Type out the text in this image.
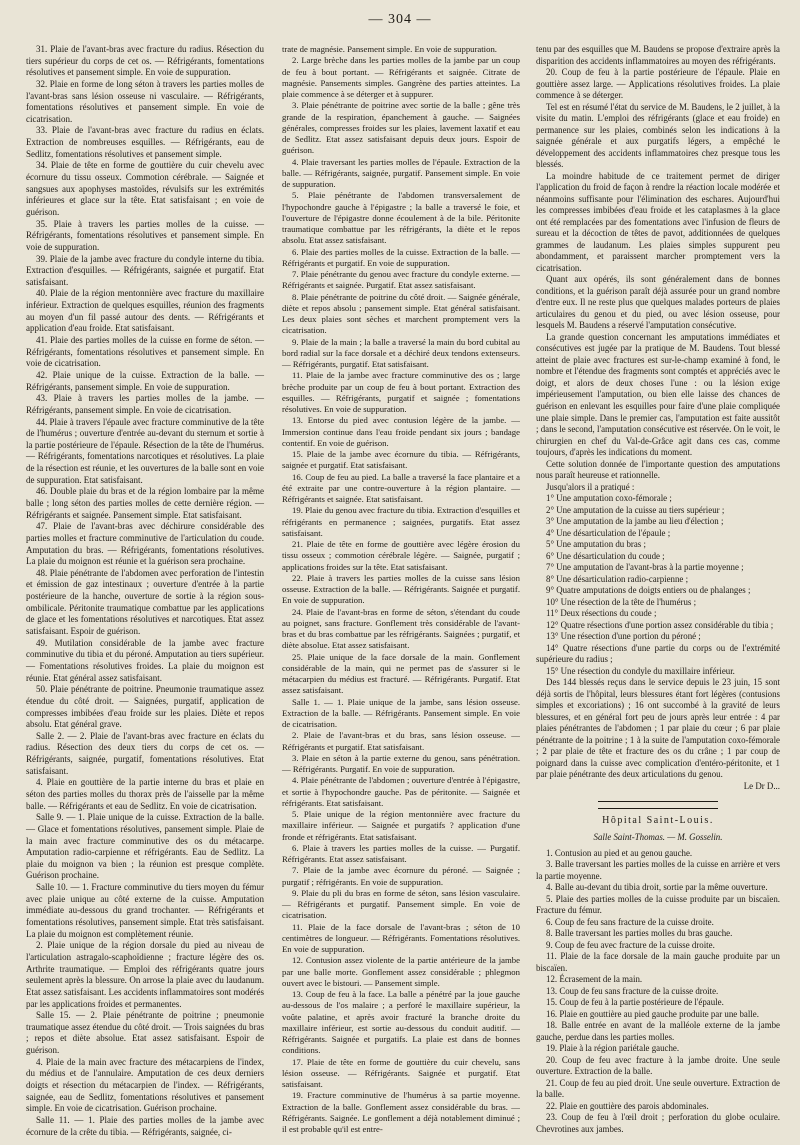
— 304 —

31. Plaie de l'avant-bras avec fracture du radius. Résection du tiers supérieur du corps de cet os. — Réfrigérants, fomentations résolutives et pansement simple. En voie de suppuration.

32. Plaie en forme de long séton à travers les parties molles de l'avant-bras sans lésion osseuse ni vasculaire. — Réfrigérants, fomentations résolutives et pansement simple. En voie de cicatrisation.

33. Plaie de l'avant-bras avec fracture du radius en éclats. Extraction de nombreuses esquilles. — Réfrigérants, eau de Sedlitz, fomentations résolutives et pansement simple.

34. Plaie de tête en forme de gouttière du cuir chevelu avec écornure du tissu osseux. Commotion cérébrale. — Saignée et sangsues aux apophyses mastoïdes, révulsifs sur les extrémités inférieures et glace sur la tête. Etat satisfaisant ; en voie de guérison.

35. Plaie à travers les parties molles de la cuisse. — Réfrigérants, fomentations résolutives et pansement simple. En voie de suppuration.

39. Plaie de la jambe avec fracture du condyle interne du tibia. Extraction d'esquilles. — Réfrigérants, saignée et purgatif. Etat satisfaisant.

40. Plaie de la région mentonnière avec fracture du maxillaire inférieur. Extraction de quelques esquilles, réunion des fragments au moyen d'un fil passé autour des dents. — Réfrigérants et application d'eau froide. Etat satisfaisant.

41. Plaie des parties molles de la cuisse en forme de séton. — Réfrigérants, fomentations résolutives et pansement simple. En voie de cicatrisation.

42. Plaie unique de la cuisse. Extraction de la balle. — Réfrigérants, pansement simple. En voie de suppuration.

43. Plaie à travers les parties molles de la jambe. — Réfrigérants, pansement simple. En voie de cicatrisation.

44. Plaie à travers l'épaule avec fracture comminutive de la tête de l'humérus ; ouverture d'entrée au-devant du sternum et sortie à la partie postérieure de l'épaule. Résection de la tête de l'humérus. — Réfrigérants, fomentations narcotiques et résolutives. La plaie de la résection est réunie, et les ouvertures de la balle sont en voie de suppuration. Etat satisfaisant.

46. Double plaie du bras et de la région lombaire par la même balle ; long séton des parties molles de cette dernière région. — Réfrigérants et saignée. Pansement simple. Etat satisfaisant.

47. Plaie de l'avant-bras avec déchirure considérable des parties molles et fracture comminutive de l'articulation du coude. Amputation du bras. — Réfrigérants, fomentations résolutives. La plaie du moignon est réunie et la guérison sera prochaine.

48. Plaie pénétrante de l'abdomen avec perforation de l'intestin et émission de gaz intestinaux ; ouverture d'entrée à la partie postérieure de la hanche, ouverture de sortie à la région sous-ombilicale. Péritonite traumatique combattue par les applications de glace et les fomentations résolutives et narcotiques. Etat assez satisfaisant. Espoir de guérison.

49. Mutilation considérable de la jambe avec fracture comminutive du tibia et du péroné. Amputation au tiers supérieur. — Fomentations résolutives froides. La plaie du moignon est réunie. Etat général assez satisfaisant.

50. Plaie pénétrante de poitrine. Pneumonie traumatique assez étendue du côté droit. — Saignées, purgatif, application de compresses imbibées d'eau froide sur les plaies. Diète et repos absolu. Etat général grave.

Salle 2. — 2. Plaie de l'avant-bras avec fracture en éclats du radius. Résection des deux tiers du corps de cet os. — Réfrigérants, saignée, purgatif, fomentations résolutives. Etat satisfaisant.

4. Plaie en gouttière de la partie interne du bras et plaie en séton des parties molles du thorax près de l'aisselle par la même balle. — Réfrigérants et eau de Sedlitz. En voie de cicatrisation.

Salle 9. — 1. Plaie unique de la cuisse. Extraction de la balle. — Glace et fomentations résolutives, pansement simple. Plaie de la main avec fracture comminutive des os du métacarpe. Amputation radio-carpienne et réfrigérants. Eau de Sedlitz. La plaie du moignon va bien ; la réunion est presque complète. Guérison prochaine.

Salle 10. — 1. Fracture comminutive du tiers moyen du fémur avec plaie unique au côté externe de la cuisse. Amputation immédiate au-dessous du grand trochanter. — Réfrigérants et fomentations résolutives, pansement simple. Etat très satisfaisant. La plaie du moignon est complètement réunie.

2. Plaie unique de la région dorsale du pied au niveau de l'articulation astragalo-scaphoïdienne ; fracture légère des os. Arthrite traumatique. — Emploi des réfrigérants quatre jours seulement après la blessure. On arrose la plaie avec du laudanum. Etat assez satisfaisant. Les accidents inflammatoires sont modérés par les applications froides et permanentes.

Salle 15. — 2. Plaie pénétrante de poitrine ; pneumonie traumatique assez étendue du côté droit. — Trois saignées du bras ; repos et diète absolue. Etat assez satisfaisant. Espoir de guérison.

4. Plaie de la main avec fracture des métacarpiens de l'index, du médius et de l'annulaire. Amputation de ces deux derniers doigts et résection du métacarpien de l'index. — Réfrigérants, saignée, eau de Sedlitz, fomentations résolutives et pansement simple. En voie de cicatrisation. Guérison prochaine.

Salle 11. — 1. Plaie des parties molles de la jambe avec écornure de la crête du tibia. — Réfrigérants, saignée, ci-

trate de magnésie. Pansement simple. En voie de suppuration.

2. Large brèche dans les parties molles de la jambe par un coup de feu à bout portant. — Réfrigérants et saignée. Citrate de magnésie. Pansements simples. Gangrène des parties atteintes. La plaie commence à se déterger et à suppurer.

3. Plaie pénétrante de poitrine avec sortie de la balle ; gêne très grande de la respiration, épanchement à gauche. — Saignées générales, compresses froides sur les plaies, lavement laxatif et eau de Sedlitz. Etat assez satisfaisant depuis deux jours. Espoir de guérison.

4. Plaie traversant les parties molles de l'épaule. Extraction de la balle. — Réfrigérants, saignée, purgatif. Pansement simple. En voie de suppuration.

5. Plaie pénétrante de l'abdomen transversalement de l'hypochondre gauche à l'épigastre ; la balle a traversé le foie, et l'ouverture de l'épigastre donne écoulement à de la bile. Péritonite traumatique combattue par les réfrigérants, la diète et le repos absolu. Etat assez satisfaisant.

6. Plaie des parties molles de la cuisse. Extraction de la balle. — Réfrigérants et purgatif. En voie de suppuration.

7. Plaie pénétrante du genou avec fracture du condyle externe. — Réfrigérants et saignée. Purgatif. Etat assez satisfaisant.

8. Plaie pénétrante de poitrine du côté droit. — Saignée générale, diète et repos absolu ; pansement simple. Etat général satisfaisant. Les deux plaies sont sèches et marchent promptement vers la cicatrisation.

9. Plaie de la main ; la balle a traversé la main du bord cubital au bord radial sur la face dorsale et a déchiré deux tendons extenseurs. — Réfrigérants, purgatif. Etat satisfaisant.

11. Plaie de la jambe avec fracture comminutive des os ; large brèche produite par un coup de feu à bout portant. Extraction des esquilles. — Réfrigérants, purgatif et saignée ; fomentations résolutives. En voie de suppuration.

13. Entorse du pied avec contusion légère de la jambe. — Immersion continue dans l'eau froide pendant six jours ; bandage contentif. En voie de guérison.

15. Plaie de la jambe avec écornure du tibia. — Réfrigérants, saignée et purgatif. Etat satisfaisant.

16. Coup de feu au pied. La balle a traversé la face plantaire et a été extraite par une contre-ouverture à la région plantaire. — Réfrigérants et saignée. Etat satisfaisant.

19. Plaie du genou avec fracture du tibia. Extraction d'esquilles et réfrigérants en permanence ; saignées, purgatifs. Etat assez satisfaisant.

21. Plaie de tête en forme de gouttière avec légère érosion du tissu osseux ; commotion cérébrale légère. — Saignée, purgatif ; applications froides sur la tête. Etat satisfaisant.

22. Plaie à travers les parties molles de la cuisse sans lésion osseuse. Extraction de la balle. — Réfrigérants. Saignée et purgatif. En voie de suppuration.

24. Plaie de l'avant-bras en forme de séton, s'étendant du coude au poignet, sans fracture. Gonflement très considérable de l'avant-bras et du bras combattue par les réfrigérants. Saignées ; purgatif, et diète absolue. Etat assez satisfaisant.

25. Plaie unique de la face dorsale de la main. Gonflement considérable de la main, qui ne permet pas de s'assurer si le métacarpien du médius est fracturé. — Réfrigérants. Purgatif. Etat assez satisfaisant.

Salle 1. — 1. Plaie unique de la jambe, sans lésion osseuse. Extraction de la balle. — Réfrigérants. Pansement simple. En voie de cicatrisation.

2. Plaie de l'avant-bras et du bras, sans lésion osseuse. — Réfrigérants et purgatif. Etat satisfaisant.

3. Plaie en séton à la partie externe du genou, sans pénétration. — Réfrigérants. Purgatif. En voie de suppuration.

4. Plaie pénétrante de l'abdomen ; ouverture d'entrée à l'épigastre, et sortie à l'hypochondre gauche. Pas de péritonite. — Saignée et réfrigérants. Etat satisfaisant.

5. Plaie unique de la région mentonnière avec fracture du maxillaire inférieur. — Saignée et purgatifs ? application d'une fronde et réfrigérants. Etat satisfaisant.

6. Plaie à travers les parties molles de la cuisse. — Purgatif. Réfrigérants. Etat assez satisfaisant.

7. Plaie de la jambe avec écornure du péroné. — Saignée ; purgatif ; réfrigérants. En voie de suppuration.

9. Plaie du pli du bras en forme de séton, sans lésion vasculaire. — Réfrigérants et purgatif. Pansement simple. En voie de cicatrisation.

11. Plaie de la face dorsale de l'avant-bras ; séton de 10 centimètres de longueur. — Réfrigérants. Fomentations résolutives. En voie de suppuration.

12. Contusion assez violente de la partie antérieure de la jambe par une balle morte. Gonflement assez considérable ; phlegmon ouvert avec le bistouri. — Pansement simple.

13. Coup de feu à la face. La balle a pénétré par la joue gauche au-dessous de l'os malaire ; a perforé le maxillaire supérieur, la voûte palatine, et après avoir fracturé la branche droite du maxillaire inférieur, est sortie au-dessous du conduit auditif. — Réfrigérants. Saignée et purgatifs. La plaie est dans de bonnes conditions.

17. Plaie de tête en forme de gouttière du cuir chevelu, sans lésion osseuse. — Réfrigérants. Saignée et purgatif. Etat satisfaisant.

19. Fracture comminutive de l'humérus à sa partie moyenne. Extraction de la balle. Gonflement assez considérable du bras. — Réfrigérants. Saignée. Le gonflement a déjà notablement diminué ; il est probable qu'il est entre-

tenu par des esquilles que M. Baudens se propose d'extraire après la disparition des accidents inflammatoires au moyen des réfrigérants.

20. Coup de feu à la partie postérieure de l'épaule. Plaie en gouttière assez large. — Applications résolutives froides. La plaie commence à se déterger.

Tel est en résumé l'état du service de M. Baudens, le 2 juillet, à la visite du matin. L'emploi des réfrigérants (glace et eau froide) en permanence sur les plaies, combinés selon les indications à la saignée générale et aux purgatifs légers, a empêché le développement des accidents inflammatoires chez presque tous les blessés.

La moindre habitude de ce traitement permet de diriger l'application du froid de façon à rendre la réaction locale modérée et néanmoins suffisante pour l'élimination des eschares. Aujourd'hui les compresses imbibées d'eau froide et les cataplasmes à la glace ont été remplacées par des fomentations avec l'infusion de fleurs de sureau et la décoction de têtes de pavot, additionnées de quelques grammes de laudanum. Les plaies simples suppurent peu abondamment, et paraissent marcher promptement vers la cicatrisation.

Quant aux opérés, ils sont généralement dans de bonnes conditions, et la guérison paraît déjà assurée pour un grand nombre d'entre eux. Il ne reste plus que quelques malades porteurs de plaies articulaires du genou et du pied, ou avec lésion osseuse, pour lesquels M. Baudens a réservé l'amputation consécutive.

La grande question concernant les amputations immédiates et consécutives est jugée par la pratique de M. Baudens. Tout blessé atteint de plaie avec fractures est sur-le-champ examiné à fond, le nombre et l'étendue des fragments sont comptés et appréciés avec le doigt, et alors de deux choses l'une : ou la lésion exige impérieusement l'amputation, ou bien elle laisse des chances de guérison en enlevant les esquilles pour faire d'une plaie compliquée une plaie simple. Dans le premier cas, l'amputation est faite aussitôt ; dans le second, l'amputation consécutive est réservée. On le voit, le chirurgien en chef du Val-de-Grâce agit dans ces cas, comme toujours, d'après les indications du moment.

Cette solution donnée de l'importante question des amputations nous paraît heureuse et rationnelle.

Jusqu'alors il a pratiqué :

1° Une amputation coxo-fémorale ;

2° Une amputation de la cuisse au tiers supérieur ;

3° Une amputation de la jambe au lieu d'élection ;

4° Une désarticulation de l'épaule ;

5° Une amputation du bras ;

6° Une désarticulation du coude ;

7° Une amputation de l'avant-bras à la partie moyenne ;

8° Une désarticulation radio-carpienne ;

9° Quatre amputations de doigts entiers ou de phalanges ;

10° Une résection de la tête de l'humérus ;

11° Deux résections du coude ;

12° Quatre résections d'une portion assez considérable du tibia ;

13° Une résection d'une portion du péroné ;

14° Quatre résections d'une partie du corps ou de l'extrémité supérieure du radius ;

15° Une résection du condyle du maxillaire inférieur.

Des 144 blessés reçus dans le service depuis le 23 juin, 15 sont déjà sortis de l'hôpital, leurs blessures étant fort légères (contusions simples et excoriations) ; 16 ont succombé à la gravité de leurs blessures, et en général fort peu de jours après leur entrée : 4 par plaies pénétrantes de l'abdomen ; 1 par plaie du cœur ; 6 par plaie pénétrante de la poitrine ; 1 à la suite de l'amputation coxo-fémorale ; 2 par plaie de tête et fracture des os du crâne ; 1 par coup de poignard dans la cuisse avec complication d'entéro-péritonite, et 1 par plaie pénétrante des deux articulations du genou.

Le Dr D...

Hôpital Saint-Louis.

Salle Saint-Thomas. — M. Gosselin.

1. Contusion au pied et au genou gauche.

3. Balle traversant les parties molles de la cuisse en arrière et vers la partie moyenne.

4. Balle au-devant du tibia droit, sortie par la même ouverture.

5. Plaie des parties molles de la cuisse produite par un biscaïen. Fracture du fémur.

6. Coup de feu sans fracture de la cuisse droite.

8. Balle traversant les parties molles du bras gauche.

9. Coup de feu avec fracture de la cuisse droite.

11. Plaie de la face dorsale de la main gauche produite par un biscaïen.

12. Écrasement de la main.

13. Coup de feu sans fracture de la cuisse droite.

15. Coup de feu à la partie postérieure de l'épaule.

16. Plaie en gouttière au pied gauche produite par une balle.

18. Balle entrée en avant de la malléole externe de la jambe gauche, perdue dans les parties molles.

19. Plaie à la région pariétale gauche.

20. Coup de feu avec fracture à la jambe droite. Une seule ouverture. Extraction de la balle.

21. Coup de feu au pied droit. Une seule ouverture. Extraction de la balle.

22. Plaie en gouttière des parois abdominales.

23. Coup de feu à l'œil droit ; perforation du globe oculaire. Chevrotines aux jambes.
